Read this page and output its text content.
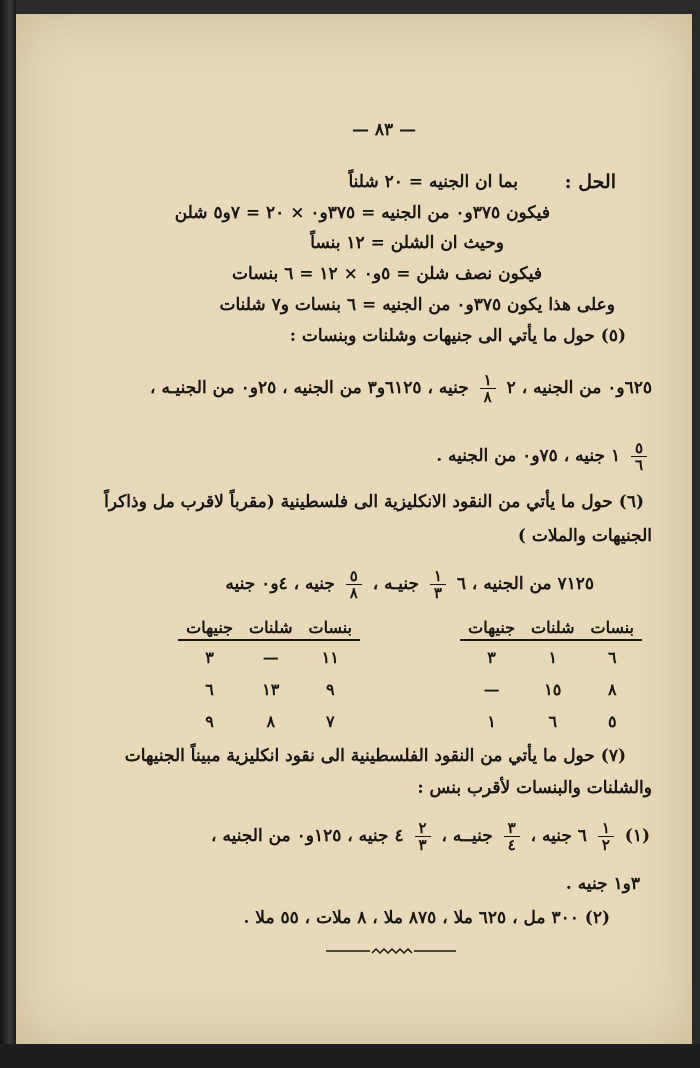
— ٨٣ —
الحل :
بما ان الجنيه = ٢٠ شلناً
فيكون ٣٧٥و٠ من الجنيه = ٣٧٥و٠ × ٢٠ = ٧و٥ شلن
وحيث ان الشلن = ١٢ بنساً
فيكون نصف شلن = ٥و٠ × ١٢ = ٦ بنسات
وعلى هذا يكون ٣٧٥و٠ من الجنيه = ٦ بنسات و٧ شلنات
(٥) حول ما يأتي الى جنيهات وشلنات وبنسات :
٦٢٥و٠ من الجنيه ، ٢
$\frac{١}{٨}$
جنيه ، ٦١٢٥و٣ من الجنيه ، ٢٥و٠ من الجنيـه ،
$\frac{٥}{٦}$
١ جنيه ، ٧٥و٠ من الجنيه .
(٦) حول ما يأتي من النقود الانكليزية الى فلسطينية (مقرباً لاقرب مل وذاكراً
الجنيهات والملات )
٧١٢٥ من الجنيه ، ٦
$\frac{١}{٣}$
جنيـه ،
$\frac{٥}{٨}$
جنيه ، ٤و٠ جنيه
بنسات	شلنات	جنيهات
٦	١	٣
٨	١٥	—
٥	٦	١
بنسات	شلنات	جنيهات
١١	—	٣
٩	١٣	٦
٧	٨	٩
(٧) حول ما يأتي من النقود الفلسطينية الى نقود انكليزية مبيناً الجنيهات
والشلنات والبنسات لأقرب بنس :
(١)
$\frac{١}{٢}$
٦ جنيه ،
$\frac{٣}{٤}$
جنيــه ،
$\frac{٢}{٣}$
٤ جنيه ، ١٢٥و٠ من الجنيه ،
٣و١ جنيه .
(٢) ٣٠٠ مل ، ٦٢٥ ملا ، ٨٧٥ ملا ، ٨ ملات ، ٥٥ ملا .
